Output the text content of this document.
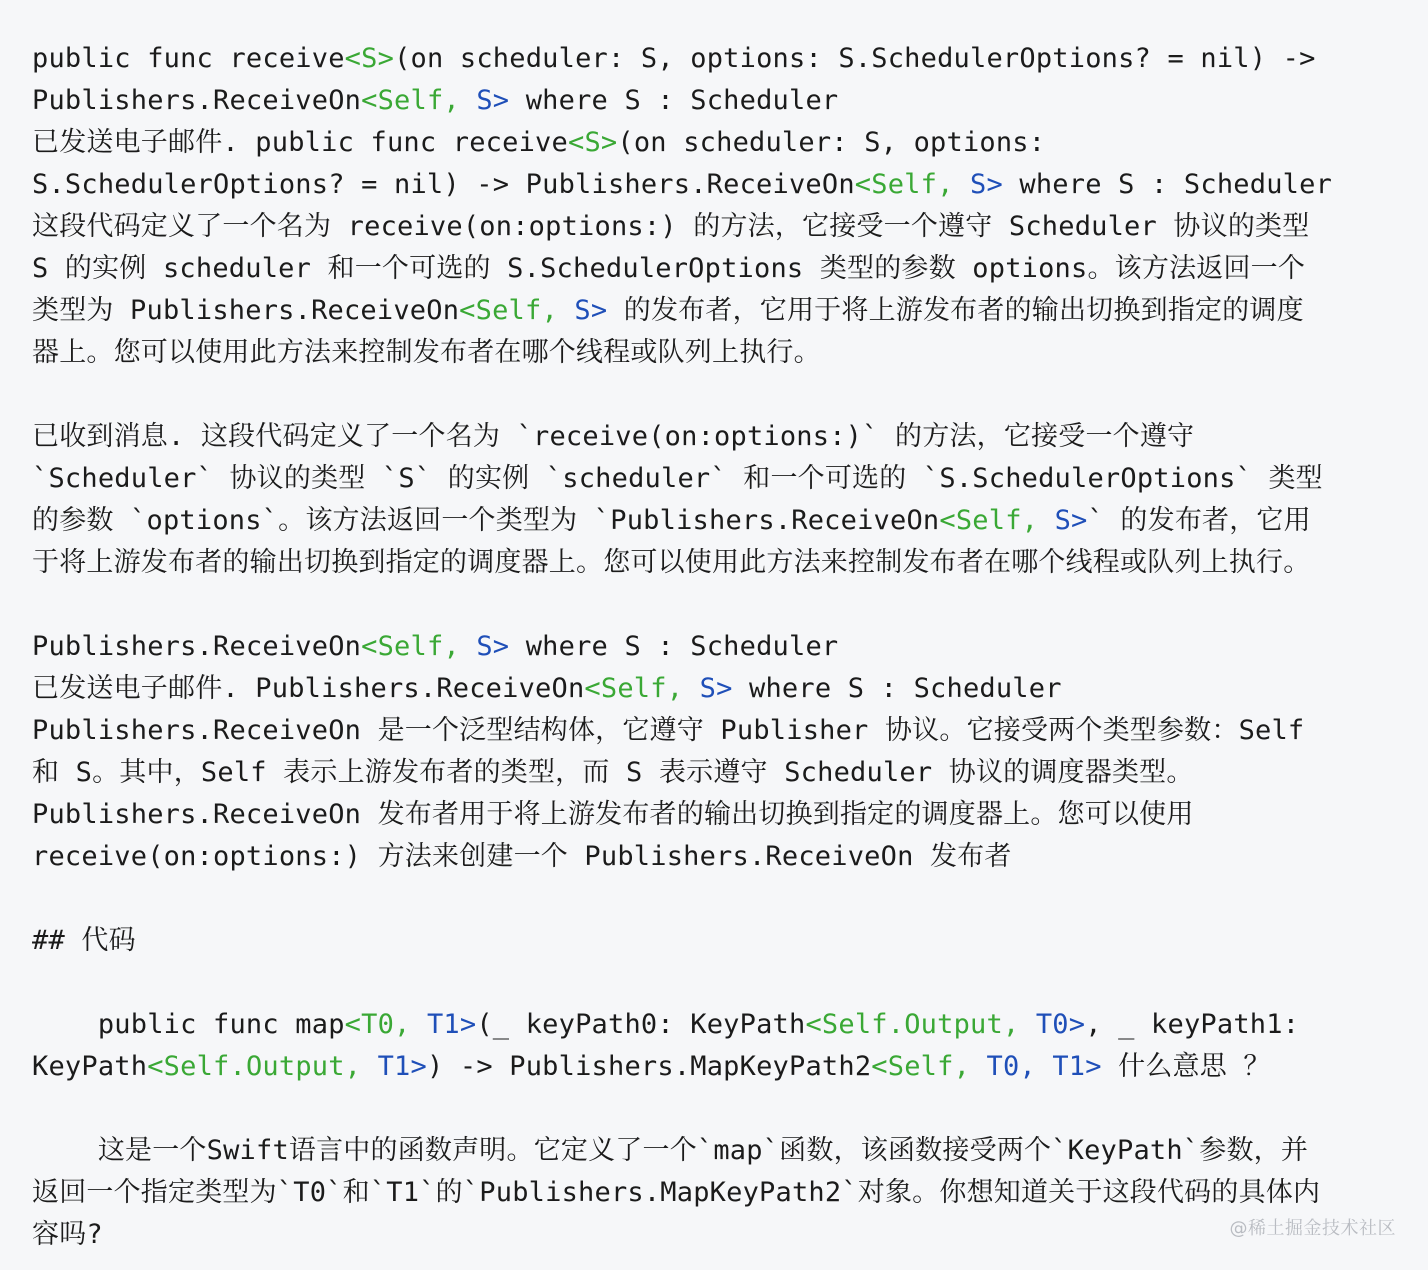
public func receive<S>(on scheduler: S, options: S.SchedulerOptions? = nil) ->
Publishers.ReceiveOn<Self, S> where S : Scheduler
已发送电子邮件. public func receive<S>(on scheduler: S, options:
S.SchedulerOptions? = nil) -> Publishers.ReceiveOn<Self, S> where S : Scheduler
这段代码定义了一个名为 receive(on:options:) 的方法，它接受一个遵守 Scheduler 协议的类型
S 的实例 scheduler 和一个可选的 S.SchedulerOptions 类型的参数 options。该方法返回一个
类型为 Publishers.ReceiveOn<Self, S> 的发布者，它用于将上游发布者的输出切换到指定的调度
器上。您可以使用此方法来控制发布者在哪个线程或队列上执行。
已收到消息. 这段代码定义了一个名为 `receive(on:options:)` 的方法，它接受一个遵守
`Scheduler` 协议的类型 `S` 的实例 `scheduler` 和一个可选的 `S.SchedulerOptions` 类型
的参数 `options`。该方法返回一个类型为 `Publishers.ReceiveOn<Self, S>` 的发布者，它用
于将上游发布者的输出切换到指定的调度器上。您可以使用此方法来控制发布者在哪个线程或队列上执行。
Publishers.ReceiveOn<Self, S> where S : Scheduler
已发送电子邮件. Publishers.ReceiveOn<Self, S> where S : Scheduler
Publishers.ReceiveOn 是一个泛型结构体，它遵守 Publisher 协议。它接受两个类型参数：Self
和 S。其中，Self 表示上游发布者的类型，而 S 表示遵守 Scheduler 协议的调度器类型。
Publishers.ReceiveOn 发布者用于将上游发布者的输出切换到指定的调度器上。您可以使用
receive(on:options:) 方法来创建一个 Publishers.ReceiveOn 发布者
## 代码
public func map<T0, T1>(_ keyPath0: KeyPath<Self.Output, T0>, _ keyPath1:
KeyPath<Self.Output, T1>) -> Publishers.MapKeyPath2<Self, T0, T1> 什么意思 ？
这是一个Swift语言中的函数声明。它定义了一个`map`函数，该函数接受两个`KeyPath`参数，并
返回一个指定类型为`T0`和`T1`的`Publishers.MapKeyPath2`对象。你想知道关于这段代码的具体内
容吗?	@稀土掘金技术社区
